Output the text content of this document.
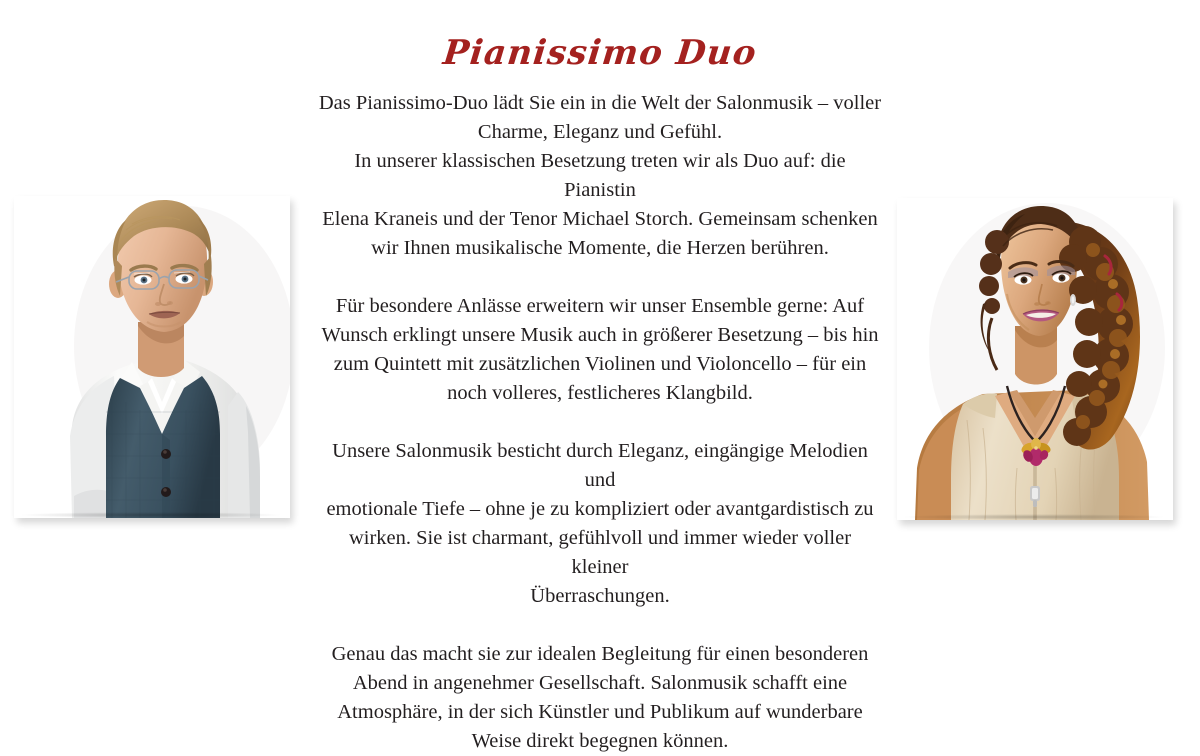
Pianissimo Duo

Das Pianissimo-Duo lädt Sie ein in die Welt der Salonmusik – voller
Charme, Eleganz und Gefühl.
In unserer klassischen Besetzung treten wir als Duo auf: die Pianistin
Elena Kraneis und der Tenor Michael Storch. Gemeinsam schenken
wir Ihnen musikalische Momente, die Herzen berühren.

Für besondere Anlässe erweitern wir unser Ensemble gerne: Auf
Wunsch erklingt unsere Musik auch in größerer Besetzung – bis hin
zum Quintett mit zusätzlichen Violinen und Violoncello – für ein
noch volleres, festlicheres Klangbild.

Unsere Salonmusik besticht durch Eleganz, eingängige Melodien und
emotionale Tiefe – ohne je zu kompliziert oder avantgardistisch zu
wirken. Sie ist charmant, gefühlvoll und immer wieder voller kleiner
Überraschungen.

Genau das macht sie zur idealen Begleitung für einen besonderen
Abend in angenehmer Gesellschaft. Salonmusik schafft eine
Atmosphäre, in der sich Künstler und Publikum auf wunderbare
Weise direkt begegnen können.
